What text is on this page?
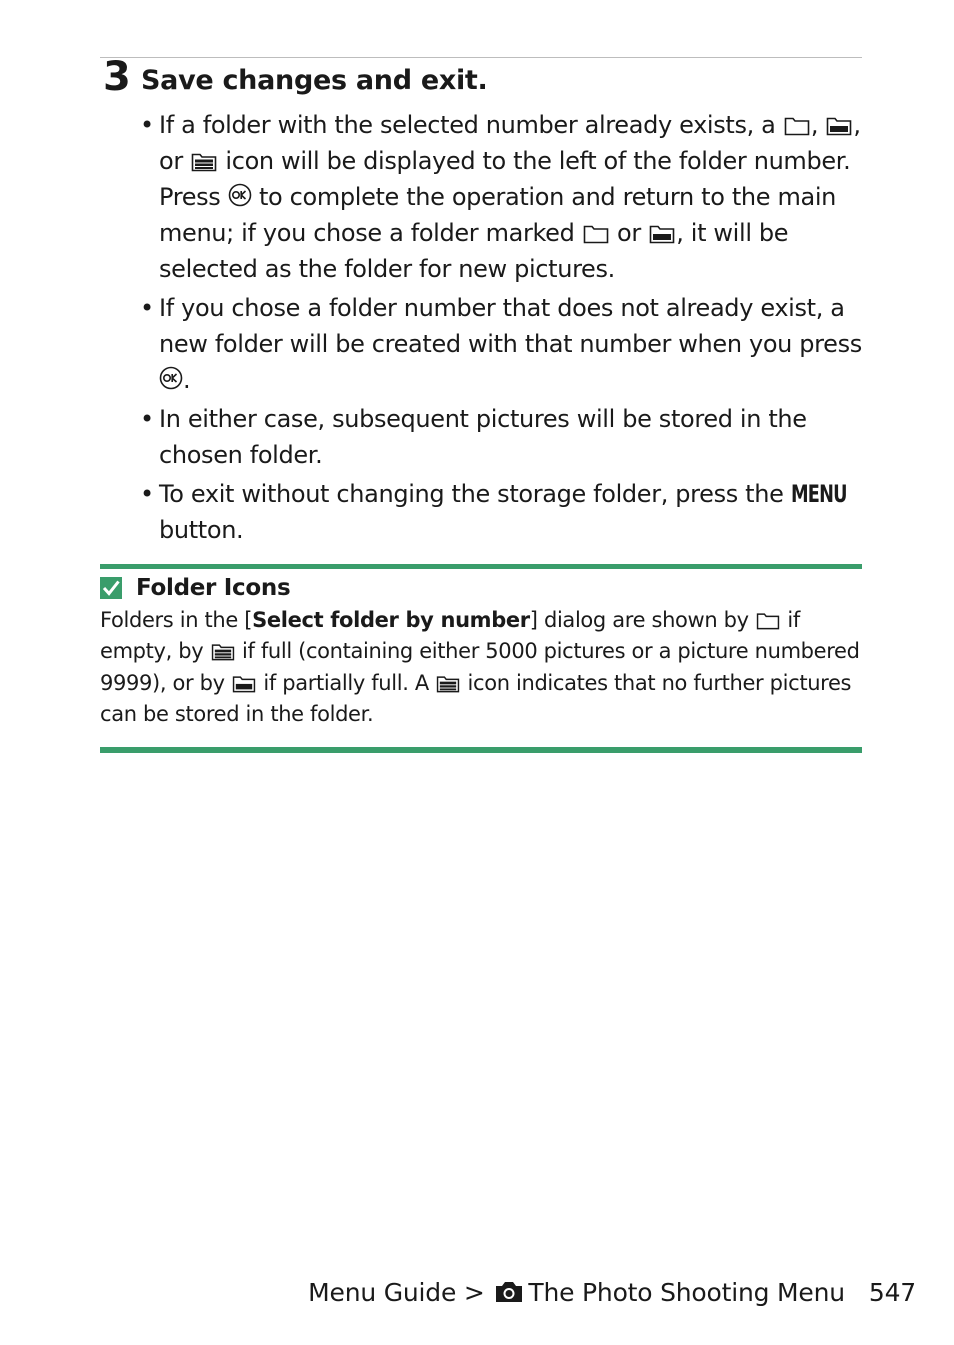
3 Save changes and exit.
• If a folder with the selected number already exists, a , ,
or  icon will be displayed to the left of the folder number.
Press  to complete the operation and return to the main menu; if you chose a folder marked  or , it will be selected as the folder for new pictures.
• If you chose a folder number that does not already exist, a new folder will be created with that number when you press .
• In either case, subsequent pictures will be stored in the chosen folder.
• To exit without changing the storage folder, press the MENU
button.
Folder Icons
Folders in the [Select folder by number] dialog are shown by  if empty, by  if full (containing either 5000 pictures or a picture numbered 9999), or by  if partially full. A  icon indicates that no further pictures can be stored in the folder.
Menu Guide > The Photo Shooting Menu 547
